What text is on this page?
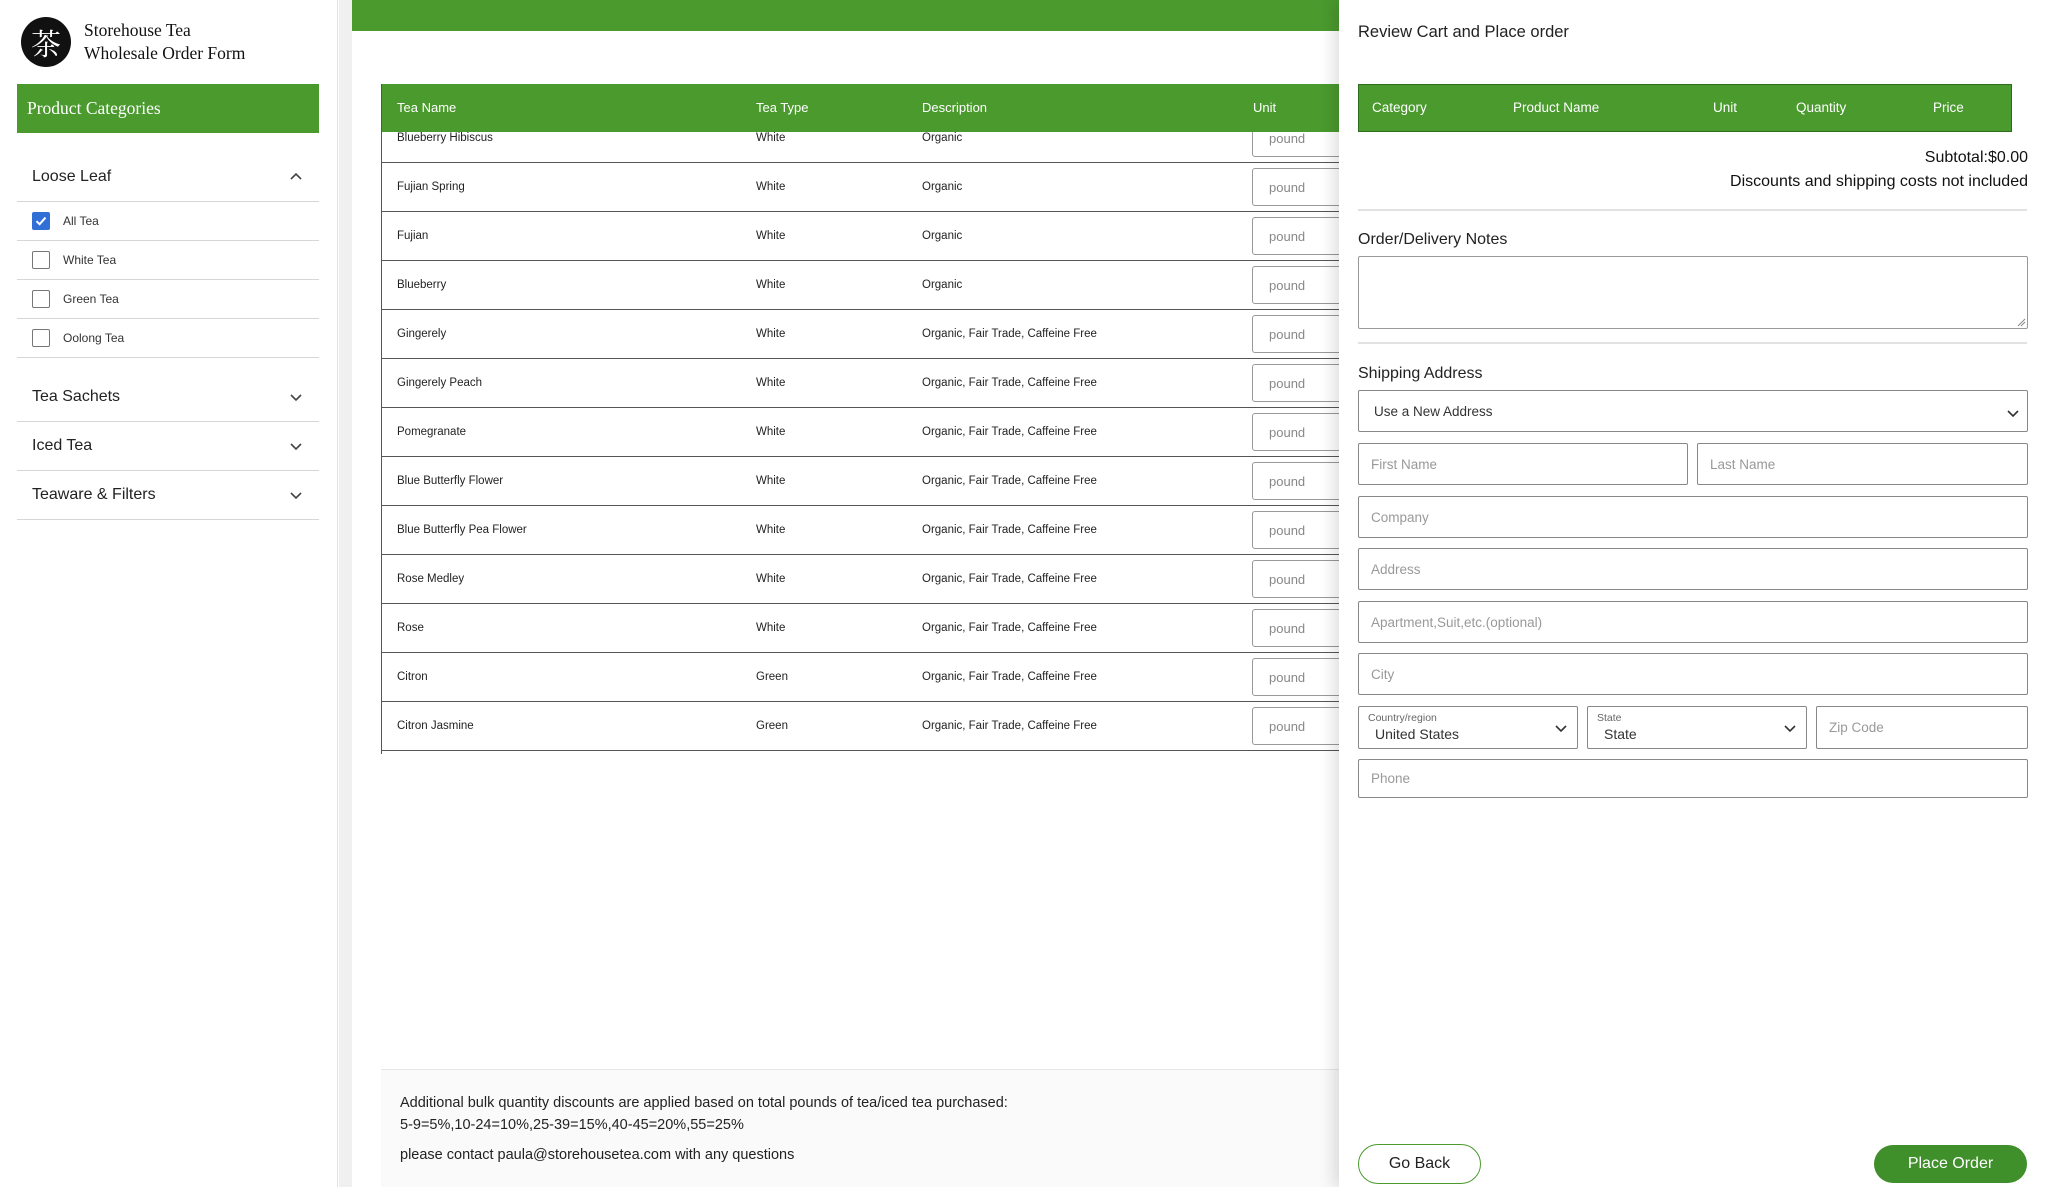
茶	Storehouse Tea
Wholesale Order Form
Product Categories
Loose Leaf
All Tea
White Tea
Green Tea
Oolong Tea
Tea Sachets
Iced Tea
Teaware & Filters
Tea Name	Tea Type	Description	Unit
Blueberry Hibiscus	White	Organic	pound
Fujian Spring	White	Organic	pound
Fujian	White	Organic	pound
Blueberry	White	Organic	pound
Gingerely	White	Organic, Fair Trade, Caffeine Free	pound
Gingerely Peach	White	Organic, Fair Trade, Caffeine Free	pound
Pomegranate	White	Organic, Fair Trade, Caffeine Free	pound
Blue Butterfly Flower	White	Organic, Fair Trade, Caffeine Free	pound
Blue Butterfly Pea Flower	White	Organic, Fair Trade, Caffeine Free	pound
Rose Medley	White	Organic, Fair Trade, Caffeine Free	pound
Rose	White	Organic, Fair Trade, Caffeine Free	pound
Citron	Green	Organic, Fair Trade, Caffeine Free	pound
Citron Jasmine	Green	Organic, Fair Trade, Caffeine Free	pound

Additional bulk quantity discounts are applied based on total pounds of tea/iced tea purchased:

5-9=5%,10-24=10%,25-39=15%,40-45=20%,55=25%

please contact paula@storehousetea.com with any questions

Review Cart and Place order
Category	Product Name	Unit	Quantity	Price
Subtotal:$0.00
Discounts and shipping costs not included
Order/Delivery Notes
Shipping Address
Use a New Address
First Name	Last Name
Company
Address
Apartment,Suit,etc.(optional)
City
Country/region
United States
State
State	Zip Code
Phone
Go Back	Place Order
